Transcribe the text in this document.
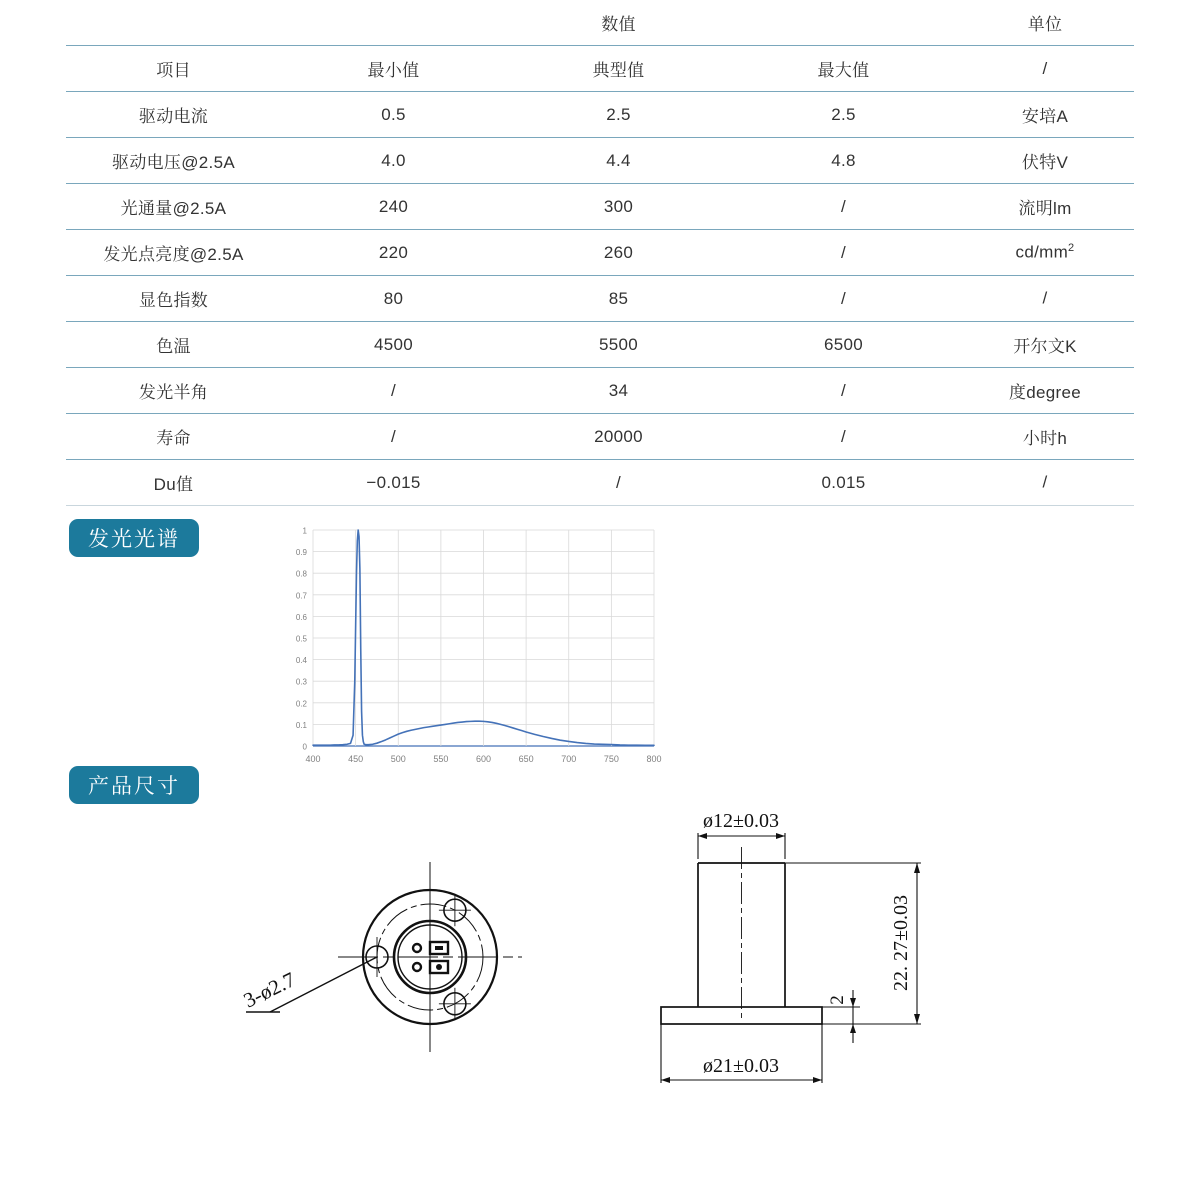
		数值		单位
项目	最小值	典型值	最大值	/
驱动电流	0.5	2.5	2.5	安培A
驱动电压@2.5A	4.0	4.4	4.8	伏特V
光通量@2.5A	240	300	/	流明lm
发光点亮度@2.5A	220	260	/	$cd/mm^2$
显色指数	80	85	/	/
色温	4500	5500	6500	开尔文K
发光半角	/	34	/	度degree
寿命	/	20000	/	小时h
Du值	−0.015	/	0.015	/
发光光谱
产品尺寸
0
0.1
0.2
0.3
0.4
0.5
0.6
0.7
0.8
0.9
1
400	450	500	550	600	650	700	750	800
3-ø2.7
ø12±0.03
ø21±0.03
22. 27±0.03
2
